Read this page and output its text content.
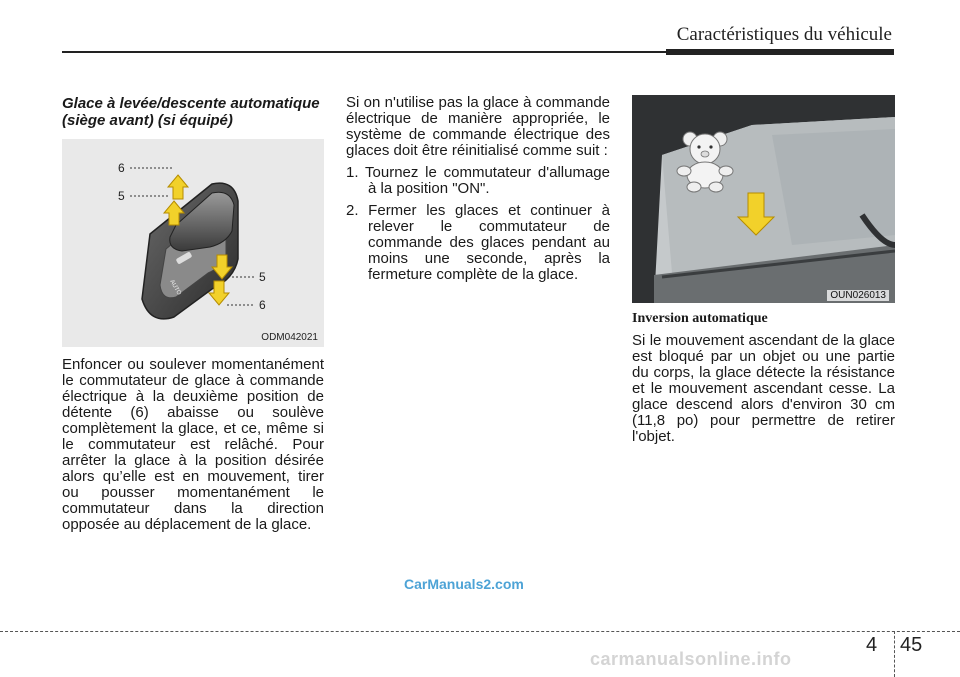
Caractéristiques du véhicule

Glace à levée/descente automatique (siège avant) (si équipé)

AUTO
6
5
5
6
ODM042021

Enfoncer ou soulever momentanément le commutateur de glace à commande électrique à la deuxième position de détente (6) abaisse ou soulève complètement la glace, et ce, même si le commutateur est relâché. Pour arrêter la glace à la position désirée alors qu’elle est en mouvement, tirer ou pousser momentanément le commutateur dans la direction opposée au déplacement de la glace.

Si on n'utilise pas la glace à commande électrique de manière appropriée, le système de commande électrique des glaces doit être réinitialisé comme suit :

1. Tournez le commutateur d'allumage à la position "ON".
2. Fermer les glaces et continuer à relever le commutateur de commande des glaces pendant au moins une seconde, après la fermeture complète de la glace.
OUN026013

Inversion automatique

Si le mouvement ascendant de la glace est bloqué par un objet ou une partie du corps, la glace détecte la résistance et le mouvement ascendant cesse. La glace descend alors d'environ 30 cm (11,8 po) pour permettre de retirer l'objet.

CarManuals2.com
4 45
carmanualsonline.info
